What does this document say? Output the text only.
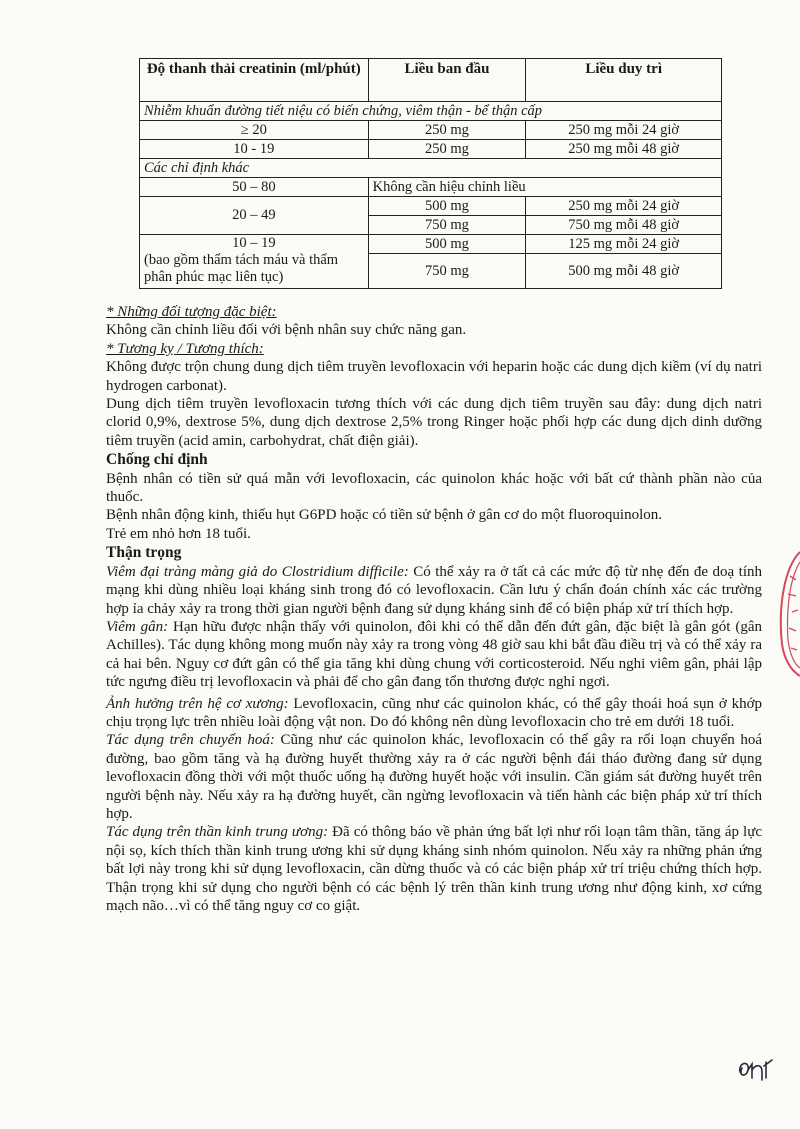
Độ thanh thải creatinin (ml/phút)	Liều ban đầu	Liều duy trì
Nhiễm khuẩn đường tiết niệu có biến chứng, viêm thận - bể thận cấp		
≥ 20	250 mg	250 mg mỗi 24 giờ
10 - 19	250 mg	250 mg mỗi 48 giờ
Các chỉ định khác		
50 – 80	Không cần hiệu chỉnh liều	
20 – 49	500 mg	250 mg mỗi 24 giờ
	750 mg	750 mg mỗi 48 giờ

10 – 19
(bao gồm thẩm tách máu và thẩm phân phúc mạc liên tục)	500 mg	125 mg mỗi 24 giờ
	750 mg	500 mg mỗi 48 giờ

* Những đối tượng đặc biệt:

Không cần chỉnh liều đối với bệnh nhân suy chức năng gan.

* Tương kỵ / Tương thích:

Không được trộn chung dung dịch tiêm truyền levofloxacin với heparin hoặc các dung dịch kiềm (ví dụ natri hydrogen carbonat).

Dung dịch tiêm truyền levofloxacin tương thích với các dung dịch tiêm truyền sau đây: dung dịch natri clorid 0,9%, dextrose 5%, dung dịch dextrose 2,5% trong Ringer hoặc phối hợp các dung dịch dinh dưỡng tiêm truyền (acid amin, carbohydrat, chất điện giải).

Chống chỉ định

Bệnh nhân có tiền sử quá mẫn với levofloxacin, các quinolon khác hoặc với bất cứ thành phần nào của thuốc.

Bệnh nhân động kinh, thiếu hụt G6PD hoặc có tiền sử bệnh ở gân cơ do một fluoroquinolon.

Trẻ em nhỏ hơn 18 tuổi.

Thận trọng

Viêm đại tràng màng giả do Clostridium difficile: Có thể xảy ra ở tất cả các mức độ từ nhẹ đến đe doạ tính mạng khi dùng nhiều loại kháng sinh trong đó có levofloxacin. Cần lưu ý chẩn đoán chính xác các trường hợp ỉa chảy xảy ra trong thời gian người bệnh đang sử dụng kháng sinh để có biện pháp xử trí thích hợp.

Viêm gân: Hạn hữu được nhận thấy với quinolon, đôi khi có thể dẫn đến đứt gân, đặc biệt là gân gót (gân Achilles). Tác dụng không mong muốn này xảy ra trong vòng 48 giờ sau khi bắt đầu điều trị và có thể xảy ra cả hai bên. Nguy cơ đứt gân có thể gia tăng khi dùng chung với corticosteroid. Nếu nghi viêm gân, phải lập tức ngưng điều trị levofloxacin và phải để cho gân đang tổn thương được nghỉ ngơi.

Ảnh hưởng trên hệ cơ xương: Levofloxacin, cũng như các quinolon khác, có thể gây thoái hoá sụn ở khớp chịu trọng lực trên nhiều loài động vật non. Do đó không nên dùng levofloxacin cho trẻ em dưới 18 tuổi.

Tác dụng trên chuyển hoá: Cũng như các quinolon khác, levofloxacin có thể gây ra rối loạn chuyển hoá đường, bao gồm tăng và hạ đường huyết thường xảy ra ở các người bệnh đái tháo đường đang sử dụng levofloxacin đồng thời với một thuốc uống hạ đường huyết hoặc với insulin. Cần giám sát đường huyết trên người bệnh này. Nếu xảy ra hạ đường huyết, cần ngừng levofloxacin và tiến hành các biện pháp xử trí thích hợp.

Tác dụng trên thần kinh trung ương: Đã có thông báo về phản ứng bất lợi như rối loạn tâm thần, tăng áp lực nội sọ, kích thích thần kinh trung ương khi sử dụng kháng sinh nhóm quinolon. Nếu xảy ra những phản ứng bất lợi này trong khi sử dụng levofloxacin, cần dừng thuốc và có các biện pháp xử trí triệu chứng thích hợp. Thận trọng khi sử dụng cho người bệnh có các bệnh lý trên thần kinh trung ương như động kinh, xơ cứng mạch não…vì có thể tăng nguy cơ co giật.
